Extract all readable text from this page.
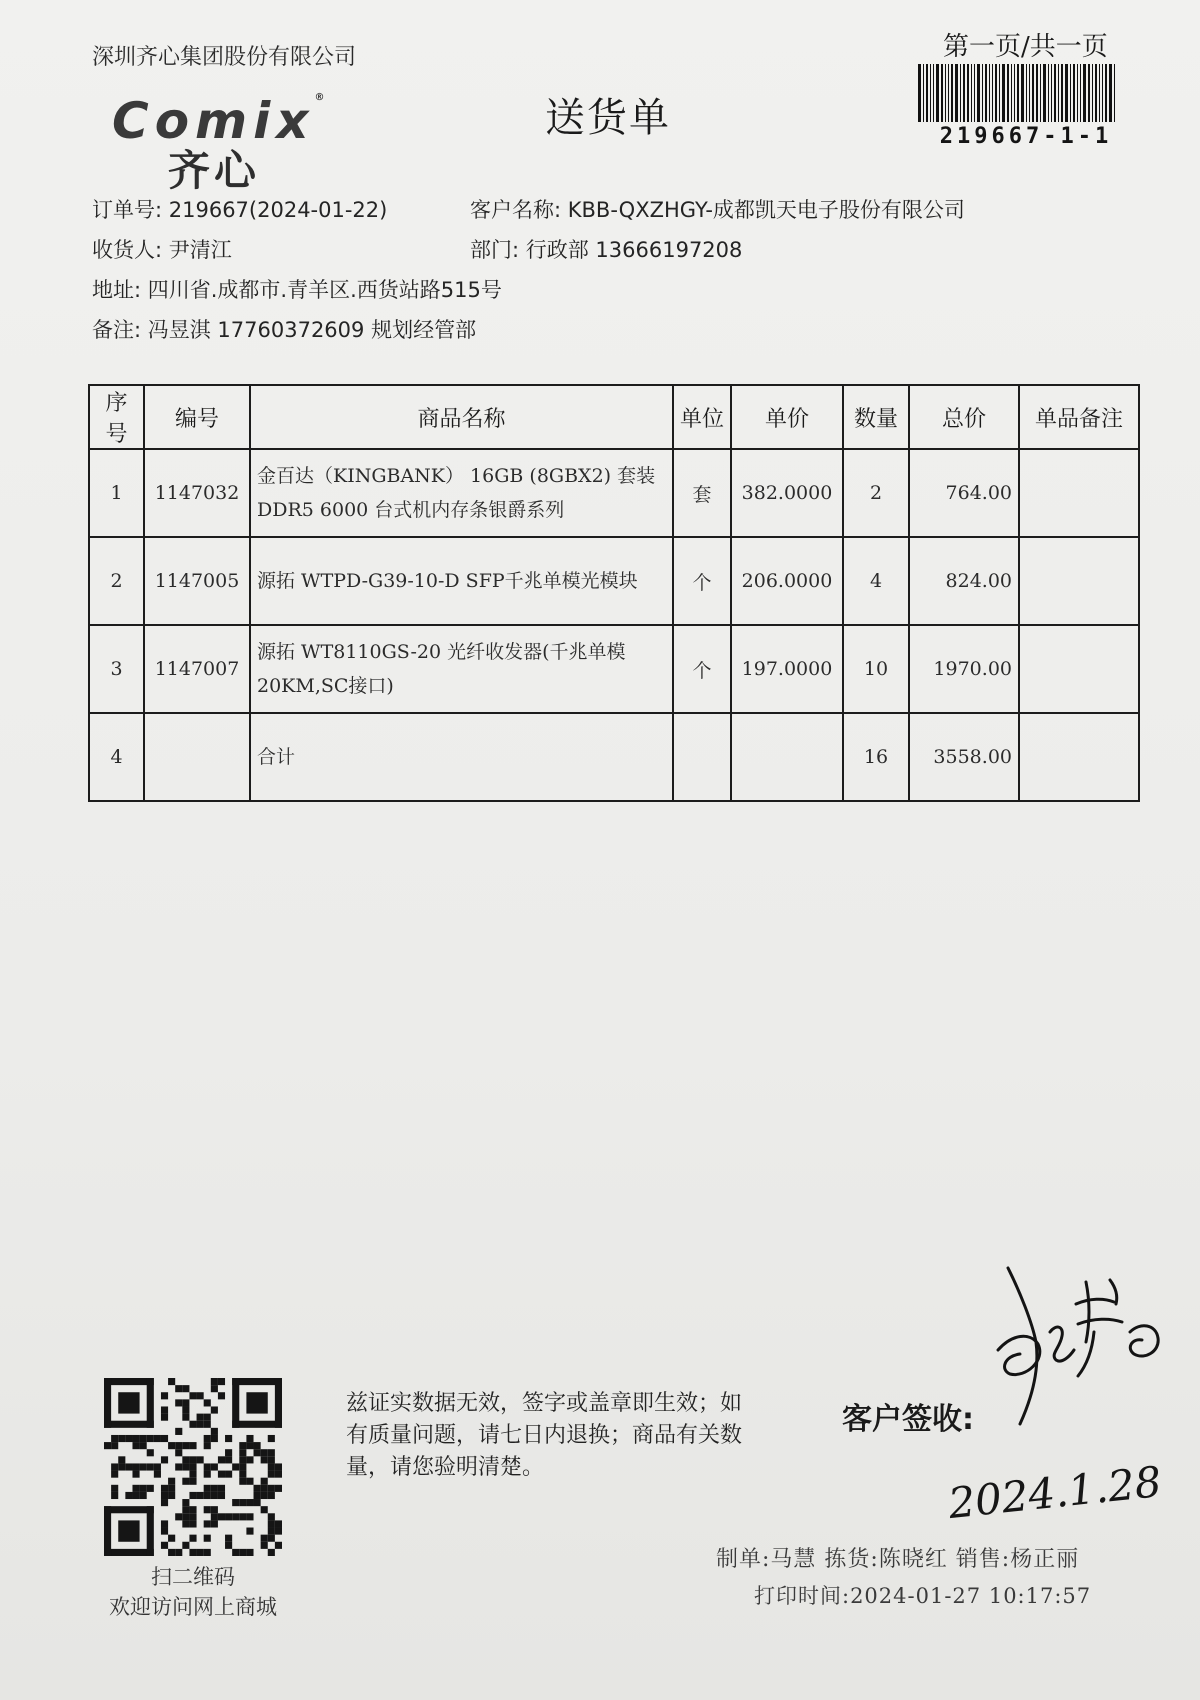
深圳齐心集团股份有限公司	第一页/共一页
219667-1-1
Comix®
齐心
送货单
订单号: 219667(2024-01-22)	客户名称: KBB-QXZHGY-成都凯天电子股份有限公司
收货人: 尹清江	部门: 行政部 13666197208
地址: 四川省.成都市.青羊区.西货站路515号
备注: 冯昱淇 17760372609 规划经管部
序号	编号	商品名称	单位	单价	数量	总价	单品备注
1	1147032	金百达（KINGBANK） 16GB (8GBX2) 套装 DDR5 6000 台式机内存条银爵系列	套	382.0000	2	764.00	
2	1147005	源拓 WTPD-G39-10-D SFP千兆单模光模块	个	206.0000	4	824.00	
3	1147007	源拓 WT8110GS-20 光纤收发器(千兆单模20KM,SC接口)	个	197.0000	10	1970.00	
4		合计			16	3558.00	
扫二维码
欢迎访问网上商城
兹证实数据无效，签字或盖章即生效；如有质量问题，请七日内退换；商品有关数量，请您验明清楚。
客户签收:
2024.1.28
制单:马慧 拣货:陈晓红 销售:杨正丽
打印时间:2024-01-27 10:17:57
